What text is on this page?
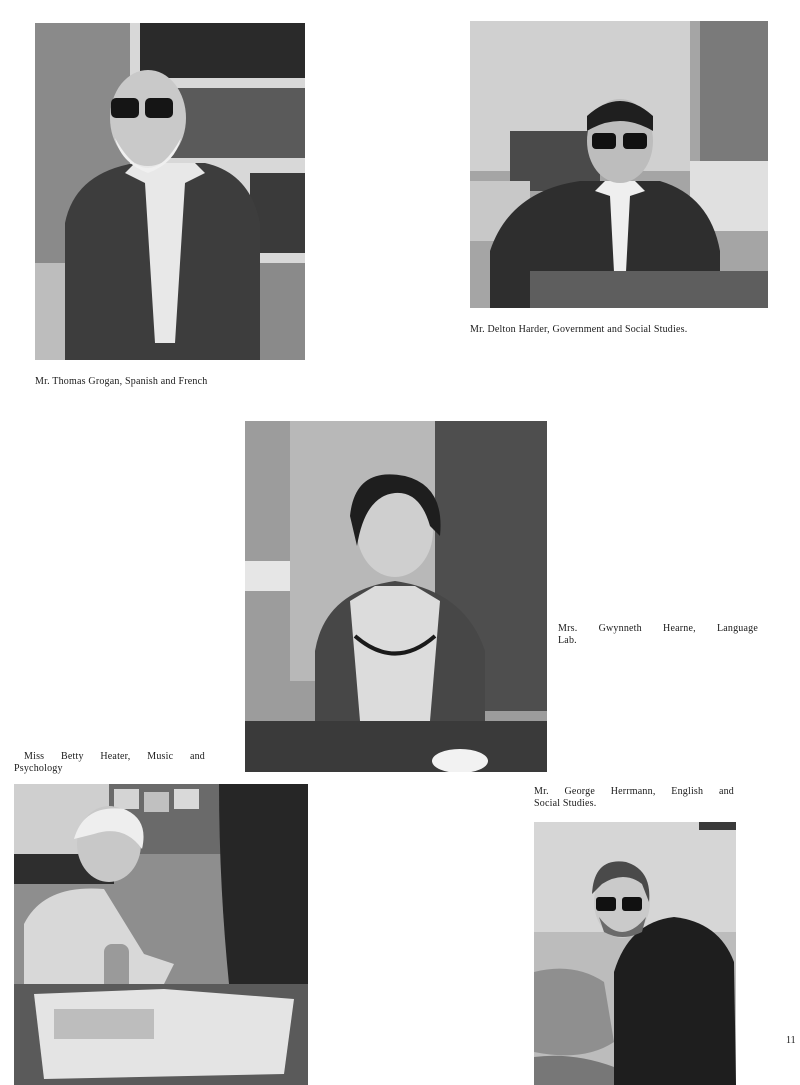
Mr. Thomas Grogan, Spanish and French
Mr. Delton Harder, Government and Social Studies.
Mrs. Gwynneth Hearne, Language
Lab.
Miss Betty Heater, Music and
Psychology
Mr. George Herrmann, English and
Social Studies.
11
